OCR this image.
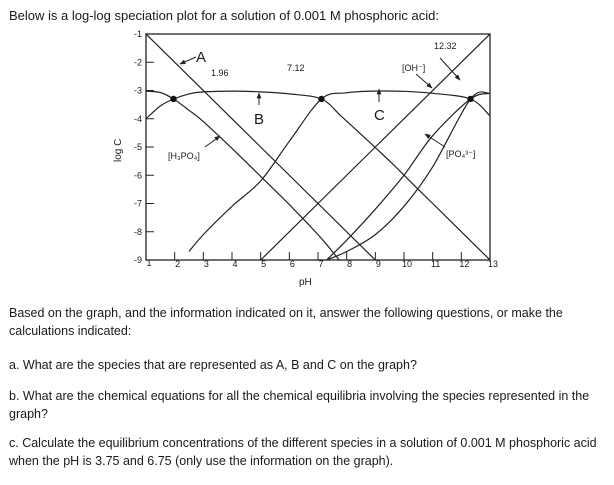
Below is a log-log speciation plot for a solution of 0.001 M phosphoric acid:
1	2	3	4	5	6	7	8	9 10 11 12 13
-1
-2
-3
-4
-5
-6
-7
-8
-9
[H₃PO₄]	[PO₄³⁻]
[OH⁻]
A
B	C
1.96	7.12
12.32
pH
log C
Based on the graph, and the information indicated on it, answer the following questions, or make the calculations indicated:
a. What are the species that are represented as A, B and C on the graph?
b. What are the chemical equations for all the chemical equilibria involving the species represented in the graph?
c. Calculate the equilibrium concentrations of the different species in a solution of 0.001 M phosphoric acid when the pH is 3.75 and 6.75 (only use the information on the graph).
